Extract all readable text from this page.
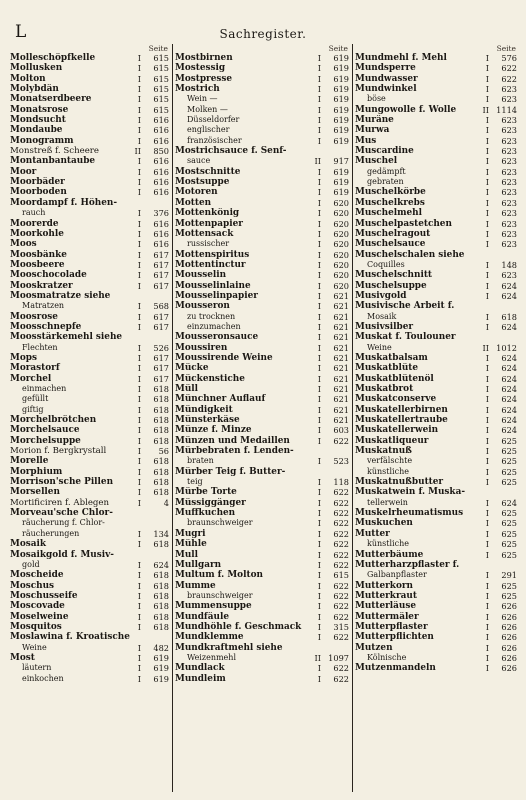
L	Sachregister.
Seite
Molleschöpfkelle	I	615
Mollusken	I	615
Molton	I	615
Molybdän	I	615
Monatserdbeere	I	615
Monatsrose	I	615
Mondsucht	I	616
Mondaube	I	616
Monogramm	I	616
Monstreß f. Scheere	II	850
Montanbantaube	I	616
Moor	I	616
Moorbäder	I	616
Moorboden	I	616
Moordampf f. Höhen-
rauch	I	376
Moorerde	I	616
Moorkohle	I	616
Moos	I	616
Moosbänke	I	617
Moosbeere	I	617
Mooschocolade	I	617
Mooskratzer	I	617
Moosmatratze siehe
Matratzen	I	568
Moosrose	I	617
Moosschnepfe	I	617
Moosstärkemehl siehe
Flechten	I	526
Mops	I	617
Morastorf	I	617
Morchel	I	617
einmachen	I	618
gefüllt	I	618
giftig	I	618
Morchelbrötchen	I	618
Morchelsauce	I	618
Morchelsuppe	I	618
Morion f. Bergkrystall	I	56
Morelle	I	618
Morphium	I	618
Morrison'sche Pillen	I	618
Morsellen	I	618
Mortificiren f. Ablegen	I	4
Morveau'sche Chlor-
räucherung f. Chlor-
räucherungen	I	134
Mosaik	I	618
Mosaikgold f. Musiv-
gold	I	624
Moscheide	I	618
Moschus	I	618
Moschusseife	I	618
Moscovade	I	618
Moselweine	I	618
Mosquitos	I	618
Moslawina f. Kroatische
Weine	I	482
Most	I	619
läutern	I	619
einkochen	I	619
Seite
Mostbirnen	I	619
Mostessig	I	619
Mostpresse	I	619
Mostrich	I	619
Wein —	I	619
Molken —	I	619
Düsseldorfer	I	619
englischer	I	619
französischer	I	619
Mostrichsauce f. Senf-
sauce	II	917
Mostschnitte	I	619
Mostsuppe	I	619
Motoren	I	619
Motten	I	620
Mottenkönig	I	620
Mottenpapier	I	620
Mottensack	I	620
russischer	I	620
Mottenspiritus	I	620
Mottentinctur	I	620
Mousselin	I	620
Mousselinlaine	I	620
Mousselinpapier	I	621
Mousseron	I	621
zu trocknen	I	621
einzumachen	I	621
Mousseronsauce	I	621
Moussiren	I	621
Moussirende Weine	I	621
Mücke	I	621
Mückenstiche	I	621
Müll	I	621
Münchner Auflauf	I	621
Mündigkeit	I	621
Münsterkäse	I	621
Münze f. Minze	I	603
Münzen und Medaillen	I	622
Mürbebraten f. Lenden-
braten	I	523
Mürber Teig f. Butter-
teig	I	118
Mürbe Torte	I	622
Müssiggänger	I	622
Muffkuchen	I	622
braunschweiger	I	622
Mugri	I	622
Mühle	I	622
Mull	I	622
Mullgarn	I	622
Multum f. Molton	I	615
Mumme	I	622
braunschweiger	I	622
Mummensuppe	I	622
Mundfäule	I	622
Mundhöhle f. Geschmack	I	315
Mundklemme	I	622
Mundkraftmehl siehe
Weizenmehl	II 1097
Mundlack	I	622
Mundleim	I	622
Seite
Mundmehl f. Mehl	I	576
Mundsperre	I	622
Mundwasser	I	622
Mundwinkel	I	623
böse	I	623
Mungowolle f. Wolle	II 1114
Muräne	I	623
Murwa	I	623
Mus	I	623
Muscardine	I	623
Muschel	I	623
gedämpft	I	623
gebraten	I	623
Muschelkörbe	I	623
Muschelkrebs	I	623
Muschelmehl	I	623
Muschelpastetchen	I	623
Muschelragout	I	623
Muschelsauce	I	623
Muschelschalen siehe
Coquilles	I	148
Muschelschnitt	I	623
Muschelsuppe	I	624
Musivgold	I	624
Musivische Arbeit f.
Mosaik	I	618
Musivsilber	I	624
Muskat f. Toulouner
Weine	II 1012
Muskatbalsam	I	624
Muskatblüte	I	624
Muskatblütenöl	I	624
Muskatbrot	I	624
Muskatconserve	I	624
Muskatellerbirnen	I	624
Muskatellertraube	I	624
Muskatellerwein	I	624
Muskatliqueur	I	625
Muskatnuß	I	625
verfälschte	I	625
künstliche	I	625
Muskatnußbutter	I	625
Muskatwein f. Muska-
tellerwein	I	624
Muskelrheumatismus	I	625
Muskuchen	I	625
Mutter	I	625
künstliche	I	625
Mutterbäume	I	625
Mutterharzpflaster f.
Galbanpflaster	I	291
Mutterkorn	I	625
Mutterkraut	I	625
Mutterläuse	I	626
Muttermäler	I	626
Mutterpflaster	I	626
Mutterpflichten	I	626
Mutzen	I	626
Kölnische	I	626
Mutzenmandeln	I	626
